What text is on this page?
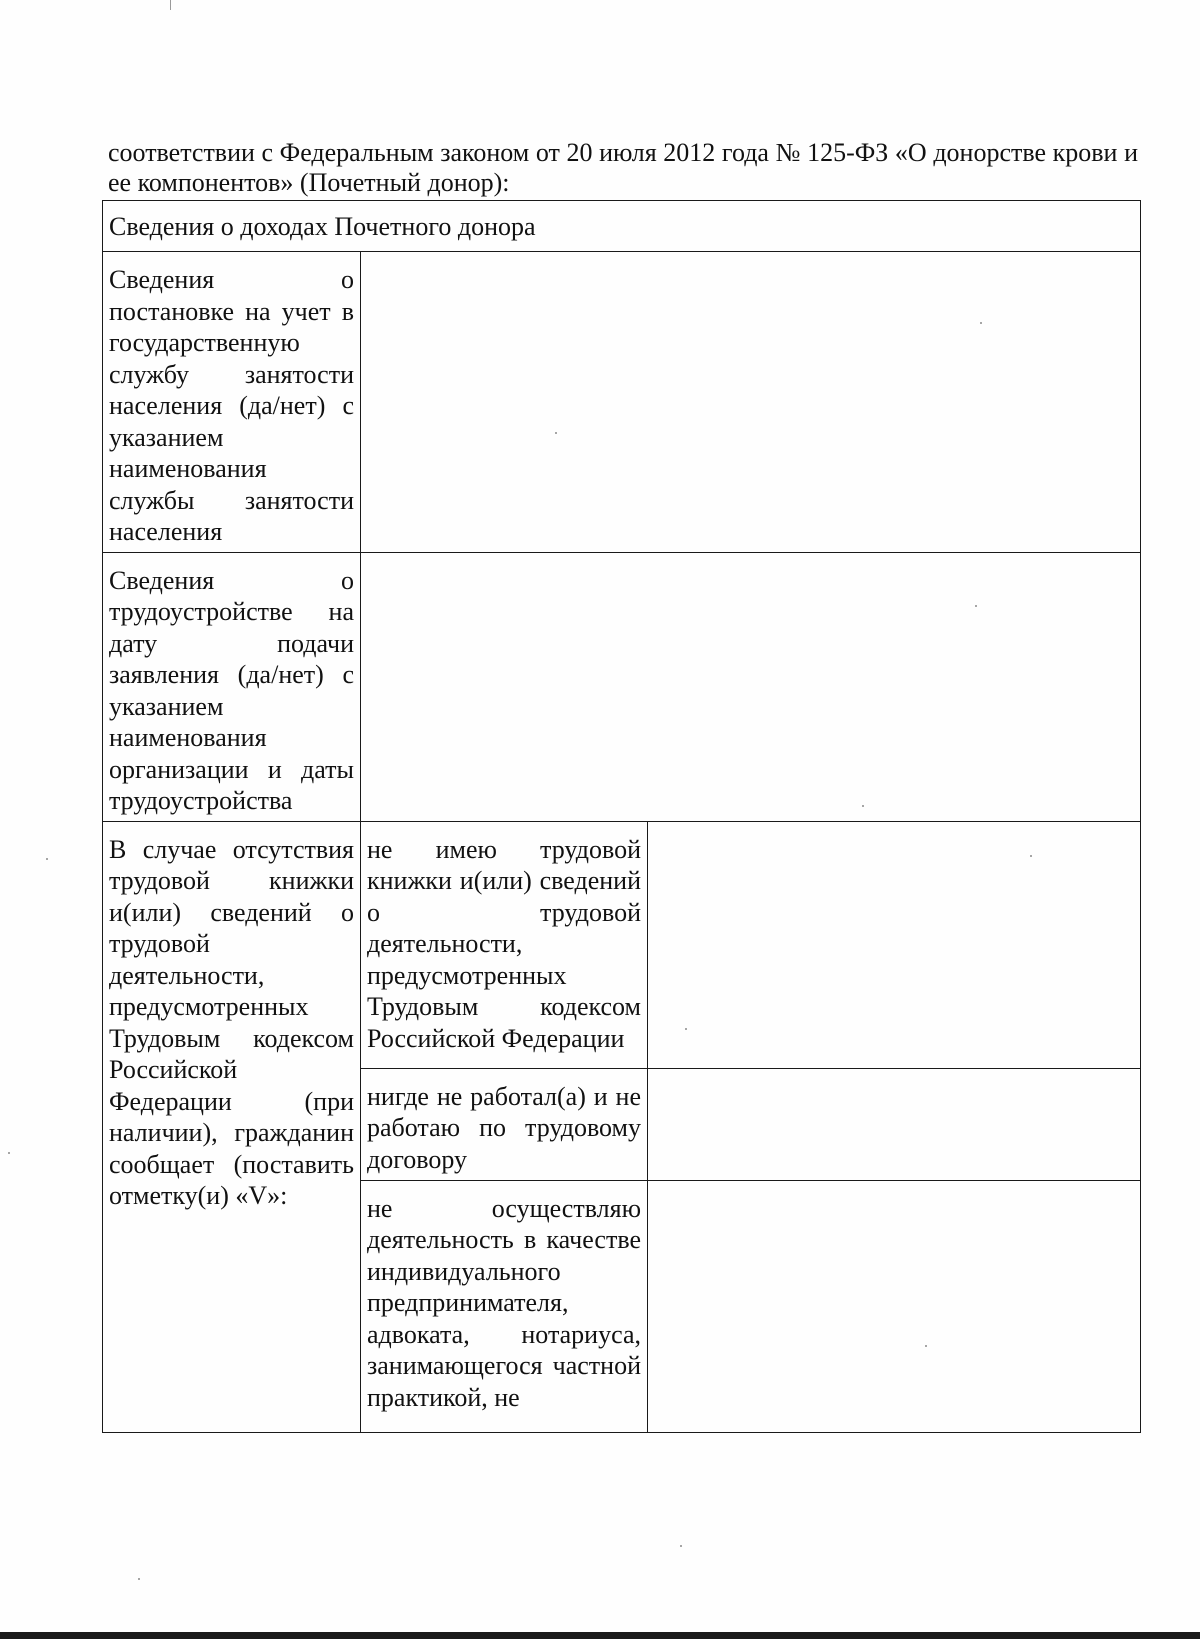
соответствии с Федеральным законом от 20 июля 2012 года № 125-ФЗ «О донорстве крови и ее компонентов» (Почетный донор):

Сведения о доходах Почетного донора		
Сведения о постановке на учет в государственную службу занятости населения (да/нет) с указанием наименования службы занятости населения		
Сведения о трудоустройстве на дату подачи заявления (да/нет) с указанием наименования организации и даты трудоустройства		
В случае отсутствия трудовой книжки и(или) сведений о трудовой деятельности, предусмотренных Трудовым кодексом Российской Федерации (при наличии), гражданин сообщает (поставить отметку(и) «V»:	не имею трудовой книжки и(или) сведений о трудовой деятельности, предусмотренных Трудовым кодексом Российской Федерации	
	нигде не работал(а) и не работаю по трудовому договору	
	не осуществляю деятельность в качестве индивидуального предпринимателя, адвоката, нотариуса, занимающегося частной практикой, не	
